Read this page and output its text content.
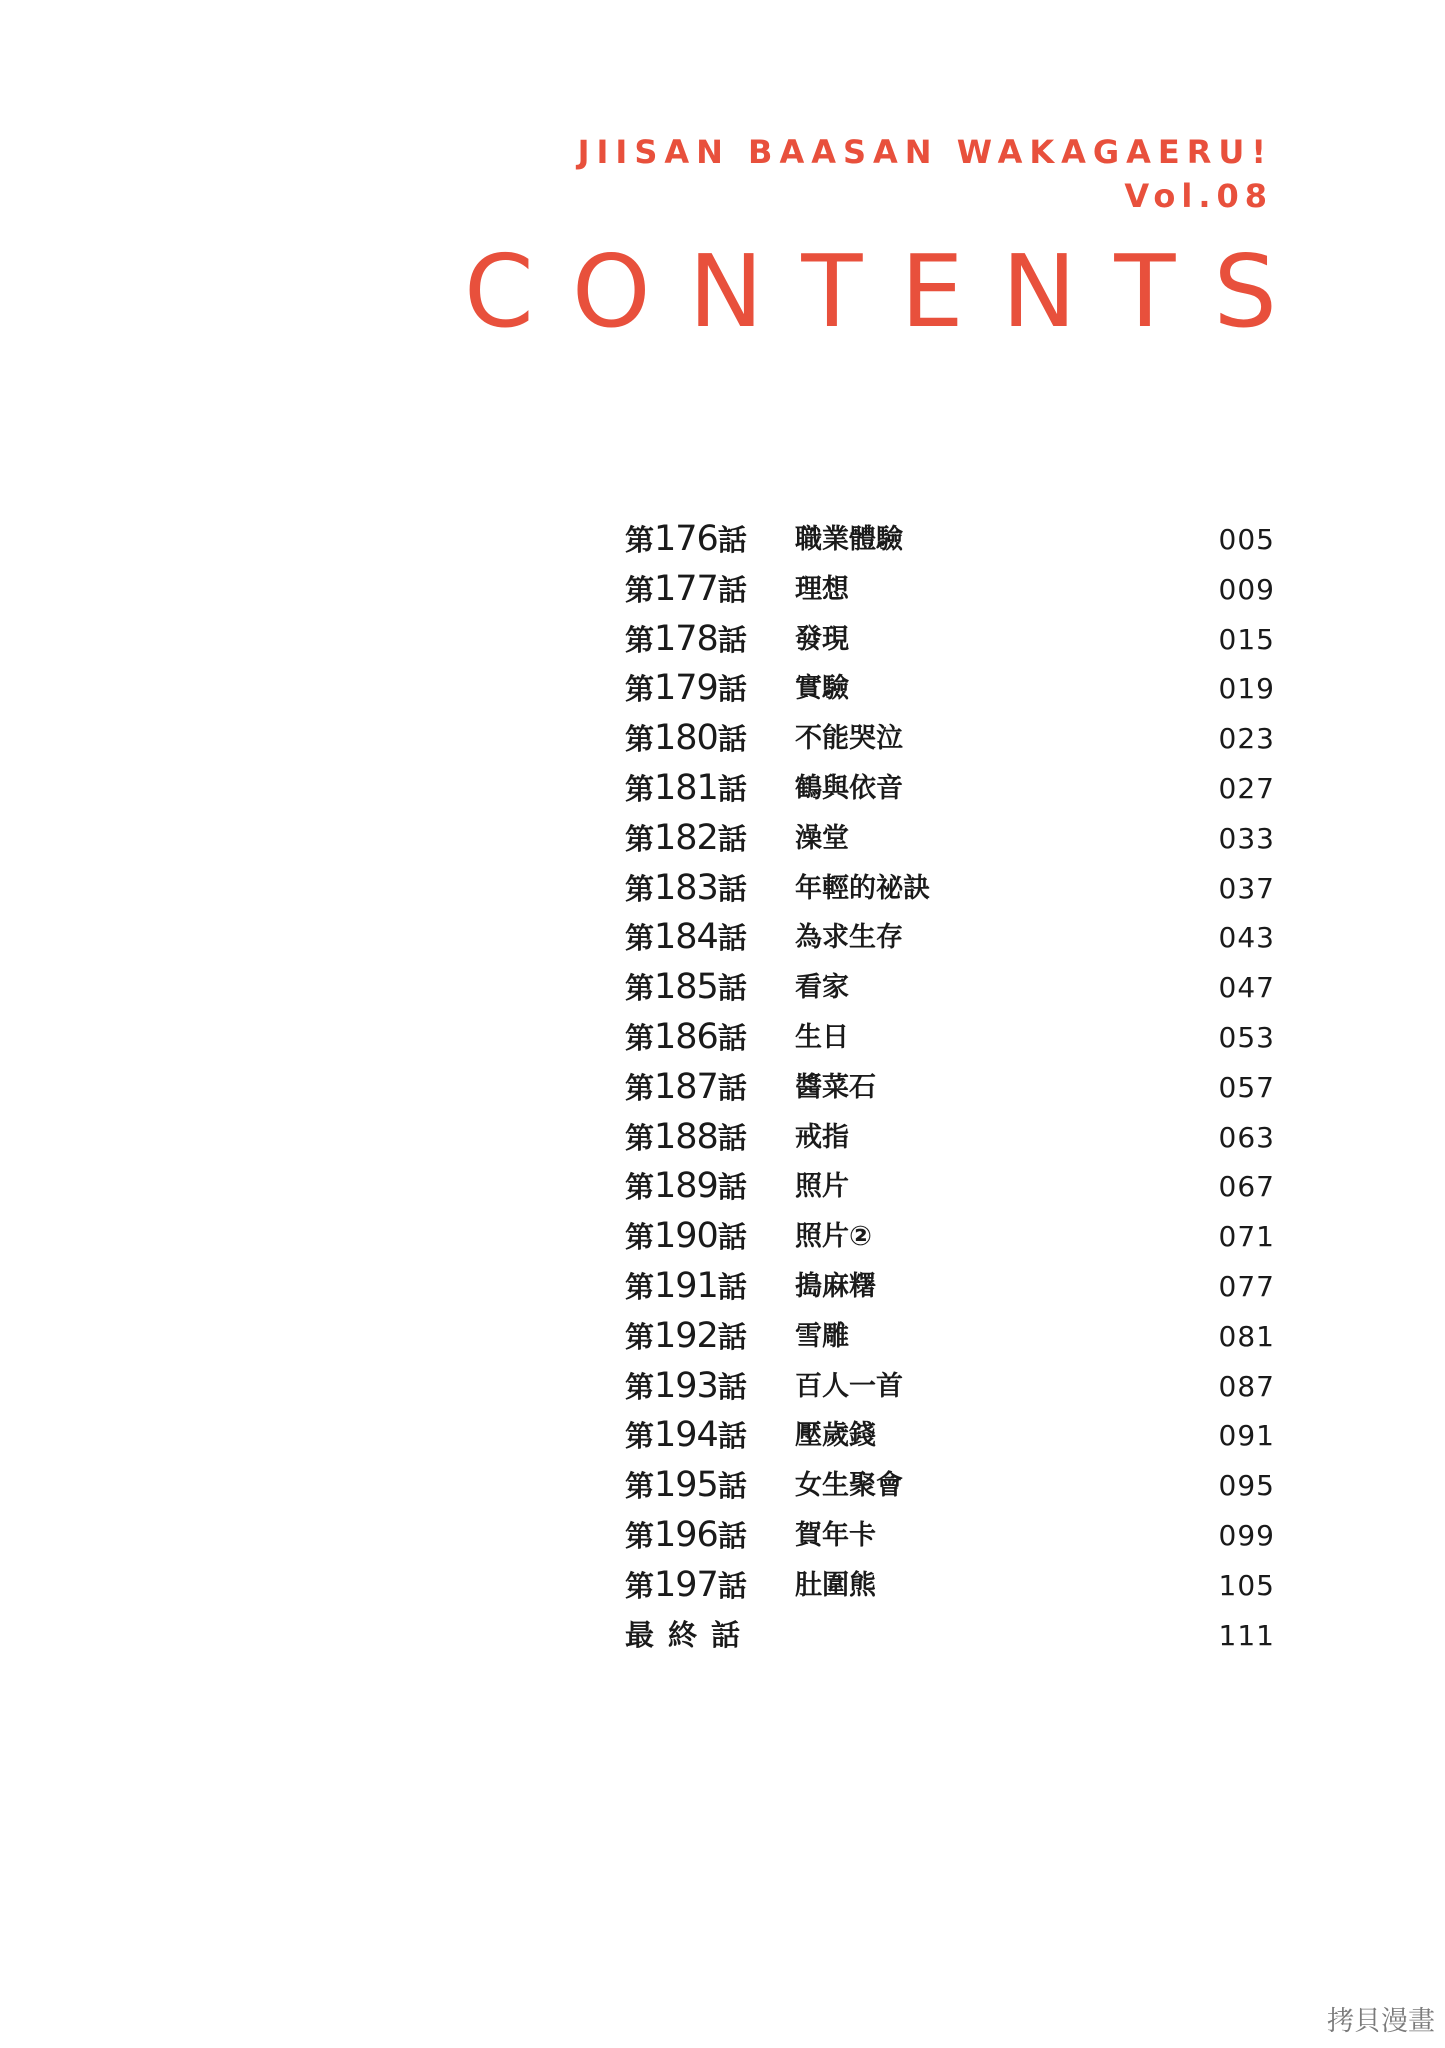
JIISAN BAASAN WAKAGAERU!
Vol.08
CONTENTS
第176話 職業體驗	005
第177話 理想	009
第178話 發現	015
第179話 實驗	019
第180話 不能哭泣	023
第181話 鶴與依音	027
第182話 澡堂	033
第183話 年輕的祕訣	037
第184話 為求生存	043
第185話 看家	047
第186話 生日	053
第187話 醬菜石	057
第188話 戒指	063
第189話 照片	067
第190話 照片②	071
第191話 搗麻糬	077
第192話 雪雕	081
第193話 百人一首	087
第194話 壓歲錢	091
第195話 女生聚會	095
第196話 賀年卡	099
第197話 肚圍熊	105
最終話	111
拷貝漫畫
